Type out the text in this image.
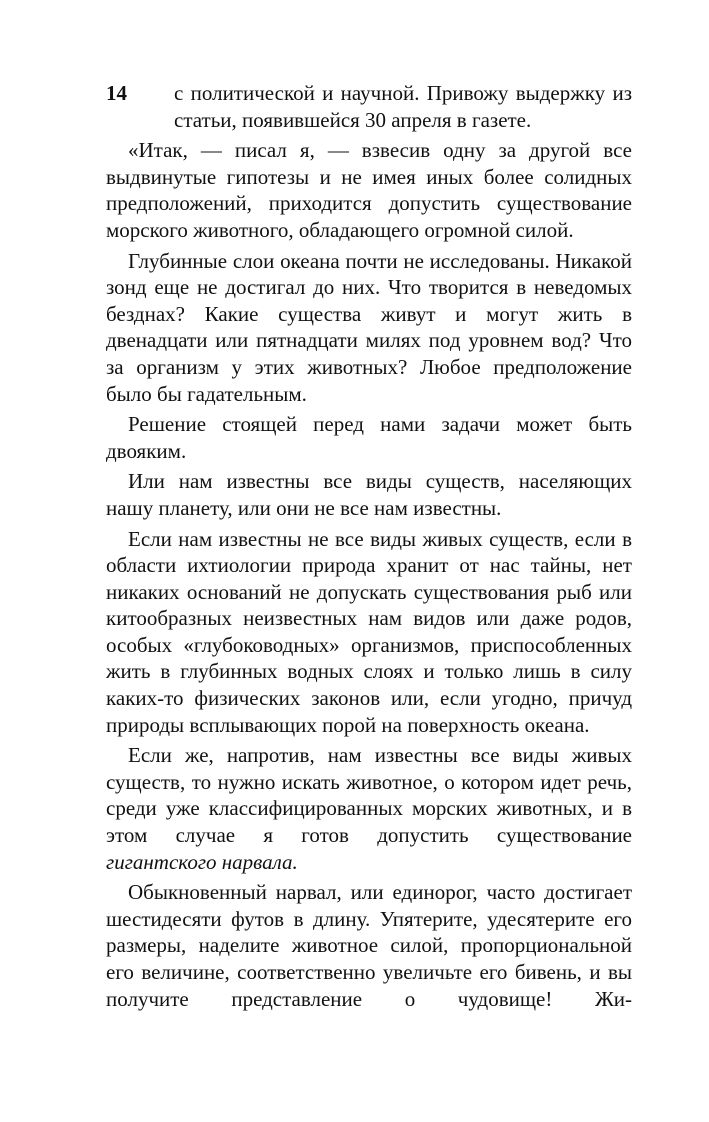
14 с политической и научной. Привожу выдержку из статьи, появившейся 30 апреля в газете.

«Итак, — писал я, — взвесив одну за другой все выдвинутые гипотезы и не имея иных более солидных предположений, приходится допустить существование морского животного, обладающего огромной силой.

Глубинные слои океана почти не исследованы. Никакой зонд еще не достигал до них. Что творится в неведомых безднах? Какие существа живут и могут жить в двенадцати или пятнадцати милях под уровнем вод? Что за организм у этих животных? Любое предположение было бы гадательным.

Решение стоящей перед нами задачи может быть двояким.

Или нам известны все виды существ, населяющих нашу планету, или они не все нам известны.

Если нам известны не все виды живых существ, если в области ихтиологии природа хранит от нас тайны, нет никаких оснований не допускать существования рыб или китообразных неизвестных нам видов или даже родов, особых «глубоководных» организмов, приспособленных жить в глубинных водных слоях и только лишь в силу каких-то физических законов или, если угодно, причуд природы всплывающих порой на поверхность океана.

Если же, напротив, нам известны все виды живых существ, то нужно искать животное, о котором идет речь, среди уже классифицированных морских животных, и в этом случае я готов допустить существование гигантского нарвала.

Обыкновенный нарвал, или единорог, часто достигает шестидесяти футов в длину. Упятерите, удесятерите его размеры, наделите животное силой, пропорциональной его величине, соответственно увеличьте его бивень, и вы получите представление о чудовище! Жи-
